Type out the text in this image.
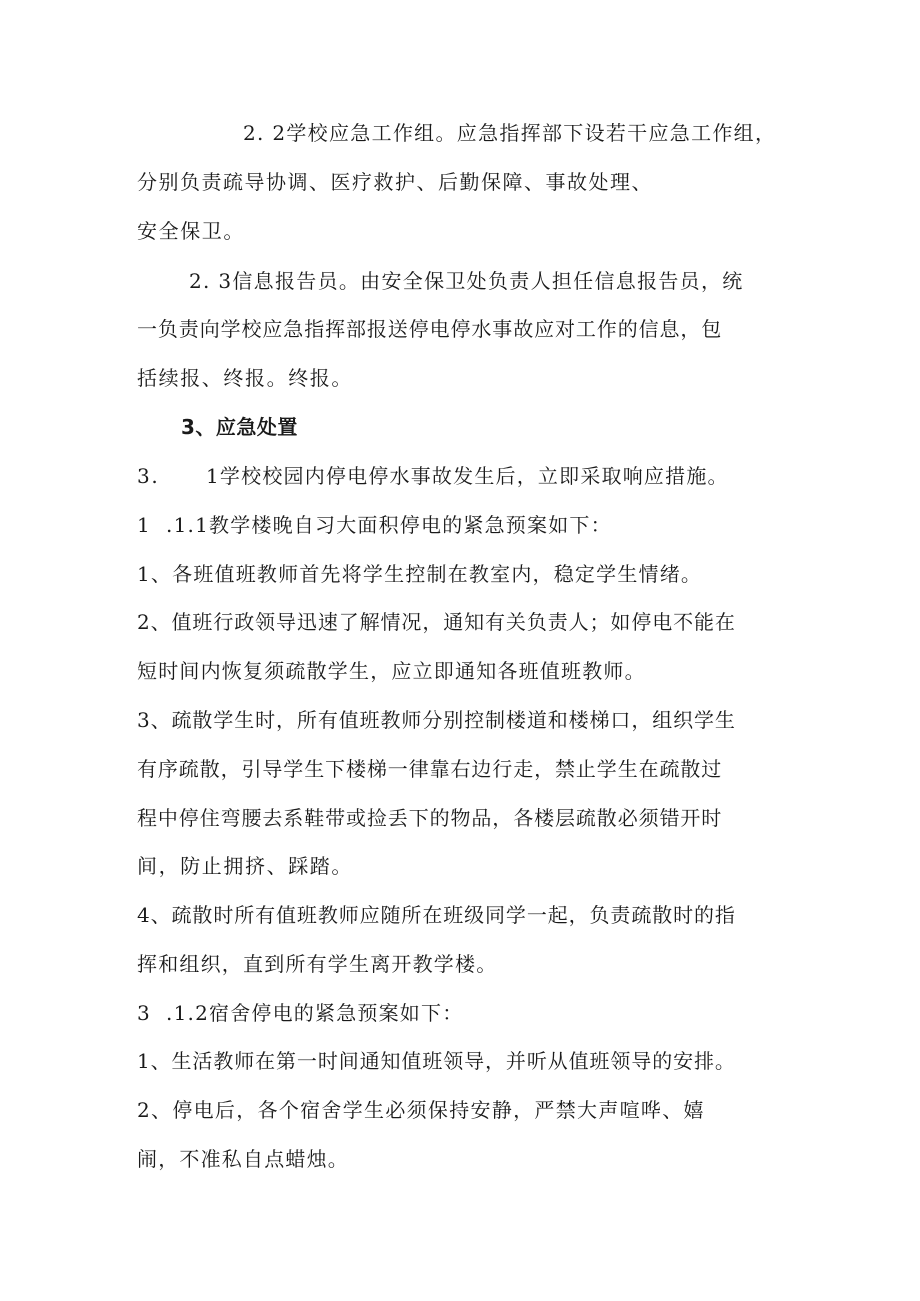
2. 2学校应急工作组。应急指挥部下设若干应急工作组，
分别负责疏导协调、医疗救护、后勤保障、事故处理、
安全保卫。
2. 3信息报告员。由安全保卫处负责人担任信息报告员，统
一负责向学校应急指挥部报送停电停水事故应对工作的信息，包
括续报、终报。终报。
3、应急处置
3. 1学校校园内停电停水事故发生后，立即采取响应措施。
1  .1.1教学楼晚自习大面积停电的紧急预案如下：
1、各班值班教师首先将学生控制在教室内，稳定学生情绪。
2、值班行政领导迅速了解情况，通知有关负责人；如停电不能在
短时间内恢复须疏散学生，应立即通知各班值班教师。
3、疏散学生时，所有值班教师分别控制楼道和楼梯口，组织学生
有序疏散，引导学生下楼梯一律靠右边行走，禁止学生在疏散过
程中停住弯腰去系鞋带或捡丢下的物品，各楼层疏散必须错开时
间，防止拥挤、踩踏。
4、疏散时所有值班教师应随所在班级同学一起，负责疏散时的指
挥和组织，直到所有学生离开教学楼。
3  .1.2宿舍停电的紧急预案如下：
1、生活教师在第一时间通知值班领导，并听从值班领导的安排。
2、停电后，各个宿舍学生必须保持安静，严禁大声喧哗、嬉
闹，不准私自点蜡烛。
